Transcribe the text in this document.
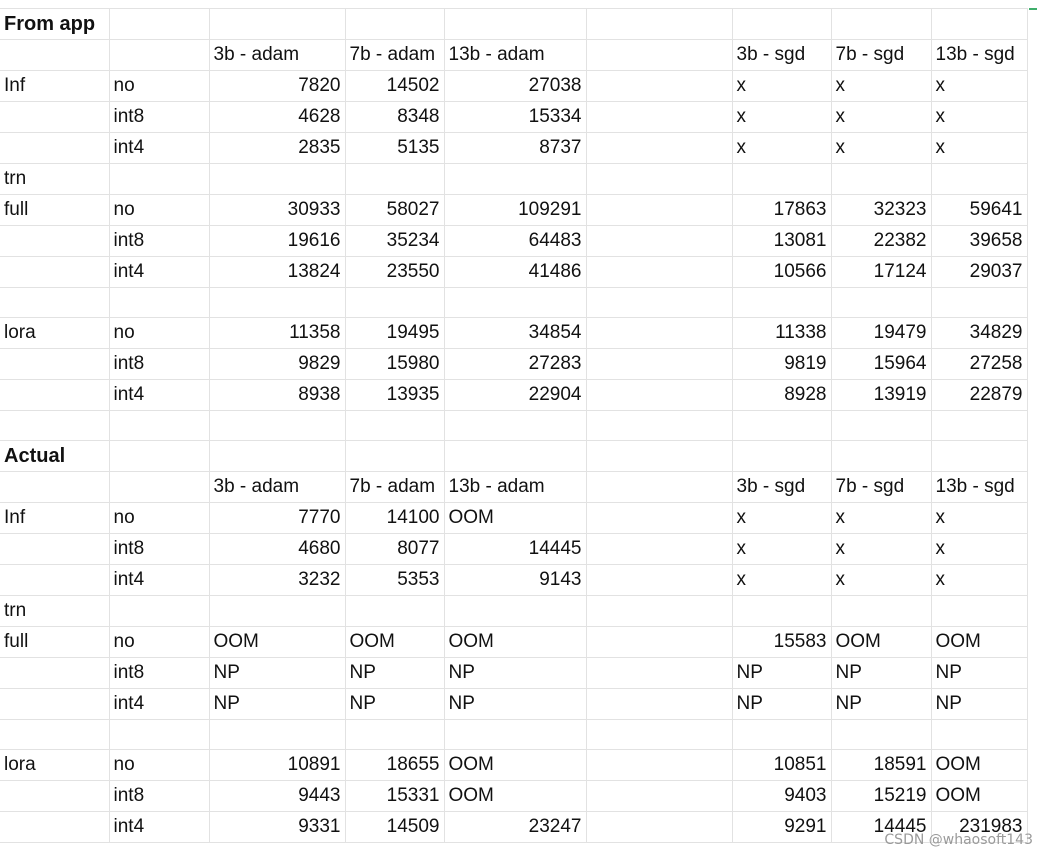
From app								
		3b - adam	7b - adam	13b - adam		3b - sgd	7b - sgd	13b - sgd
Inf	no	7820	14502	27038		x	x	x
	int8	4628	8348	15334		x	x	x
	int4	2835	5135	8737		x	x	x
trn								
full	no	30933	58027	109291		17863	32323	59641
	int8	19616	35234	64483		13081	22382	39658
	int4	13824	23550	41486		10566	17124	29037

lora	no	11358	19495	34854		11338	19479	34829
	int8	9829	15980	27283		9819	15964	27258
	int4	8938	13935	22904		8928	13919	22879

Actual								
		3b - adam	7b - adam	13b - adam		3b - sgd	7b - sgd	13b - sgd
Inf	no	7770	14100	OOM		x	x	x
	int8	4680	8077	14445		x	x	x
	int4	3232	5353	9143		x	x	x
trn								
full	no	OOM	OOM	OOM		15583	OOM	OOM
	int8	NP	NP	NP		NP	NP	NP
	int4	NP	NP	NP		NP	NP	NP

lora	no	10891	18655	OOM		10851	18591	OOM
	int8	9443	15331	OOM		9403	15219	OOM
	int4	9331	14509	23247		9291	14445	231983
CSDN @whaosoft143
